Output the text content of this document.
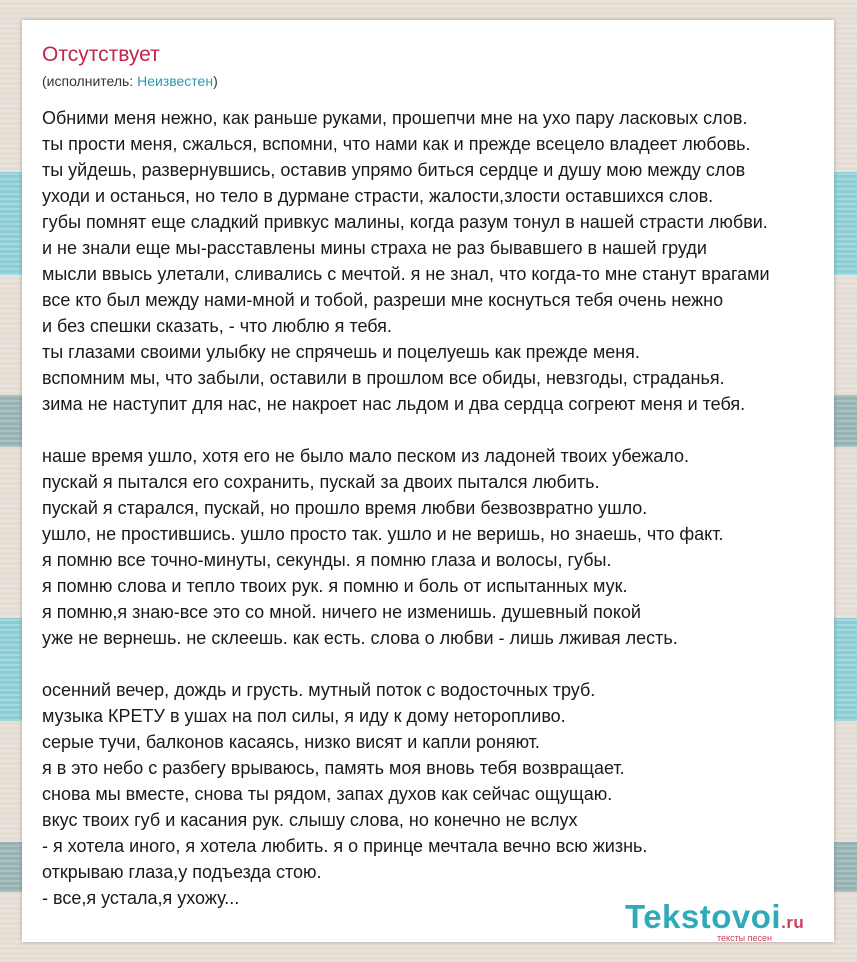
Отсутствует
(исполнитель: Неизвестен)
Обними меня нежно, как раньше руками, прошепчи мне на ухо пару ласковых слов.
ты прости меня, сжалься, вспомни, что нами как и прежде всецело владеет любовь.
ты уйдешь, развернувшись, оставив упрямо биться сердце и душу мою между слов
уходи и останься, но тело в дурмане страсти, жалости,злости оставшихся слов.
губы помнят еще сладкий привкус малины, когда разум тонул в нашей страсти любви.
и не знали еще мы-расставлены мины страха не раз бывавшего в нашей груди
мысли ввысь улетали, сливались с мечтой. я не знал, что когда-то мне станут врагами
все кто был между нами-мной и тобой, разреши мне коснуться тебя очень нежно
и без спешки сказать, - что люблю я тебя.
ты глазами своими улыбку не спрячешь и поцелуешь как прежде меня.
вспомним мы, что забыли, оставили в прошлом все обиды, невзгоды, страданья.
зима не наступит для нас, не накроет нас льдом и два сердца согреют меня и тебя.
наше время ушло, хотя его не было мало песком из ладоней твоих убежало.
пускай я пытался его сохранить, пускай за двоих пытался любить.
пускай я старался, пускай, но прошло время любви безвозвратно ушло.
ушло, не простившись. ушло просто так. ушло и не веришь, но знаешь, что факт.
я помню все точно-минуты, секунды. я помню глаза и волосы, губы.
я помню слова и тепло твоих рук. я помню и боль от испытанных мук.
я помню,я знаю-все это со мной. ничего не изменишь. душевный покой
уже не вернешь. не склеешь. как есть. слова о любви - лишь лживая лесть.
осенний вечер, дождь и грусть. мутный поток с водосточных труб.
музыка КРЕТУ в ушах на пол силы, я иду к дому неторопливо.
серые тучи, балконов касаясь, низко висят и капли роняют.
я в это небо с разбегу врываюсь, память моя вновь тебя возвращает.
снова мы вместе, снова ты рядом, запах духов как сейчас ощущаю.
вкус твоих губ и касания рук. слышу слова, но конечно не вслух
- я хотела иного, я хотела любить. я о принце мечтала вечно всю жизнь.
открываю глаза,у подъезда стою.
- все,я устала,я ухожу...	Tekstovoi.ru
тексты песен
